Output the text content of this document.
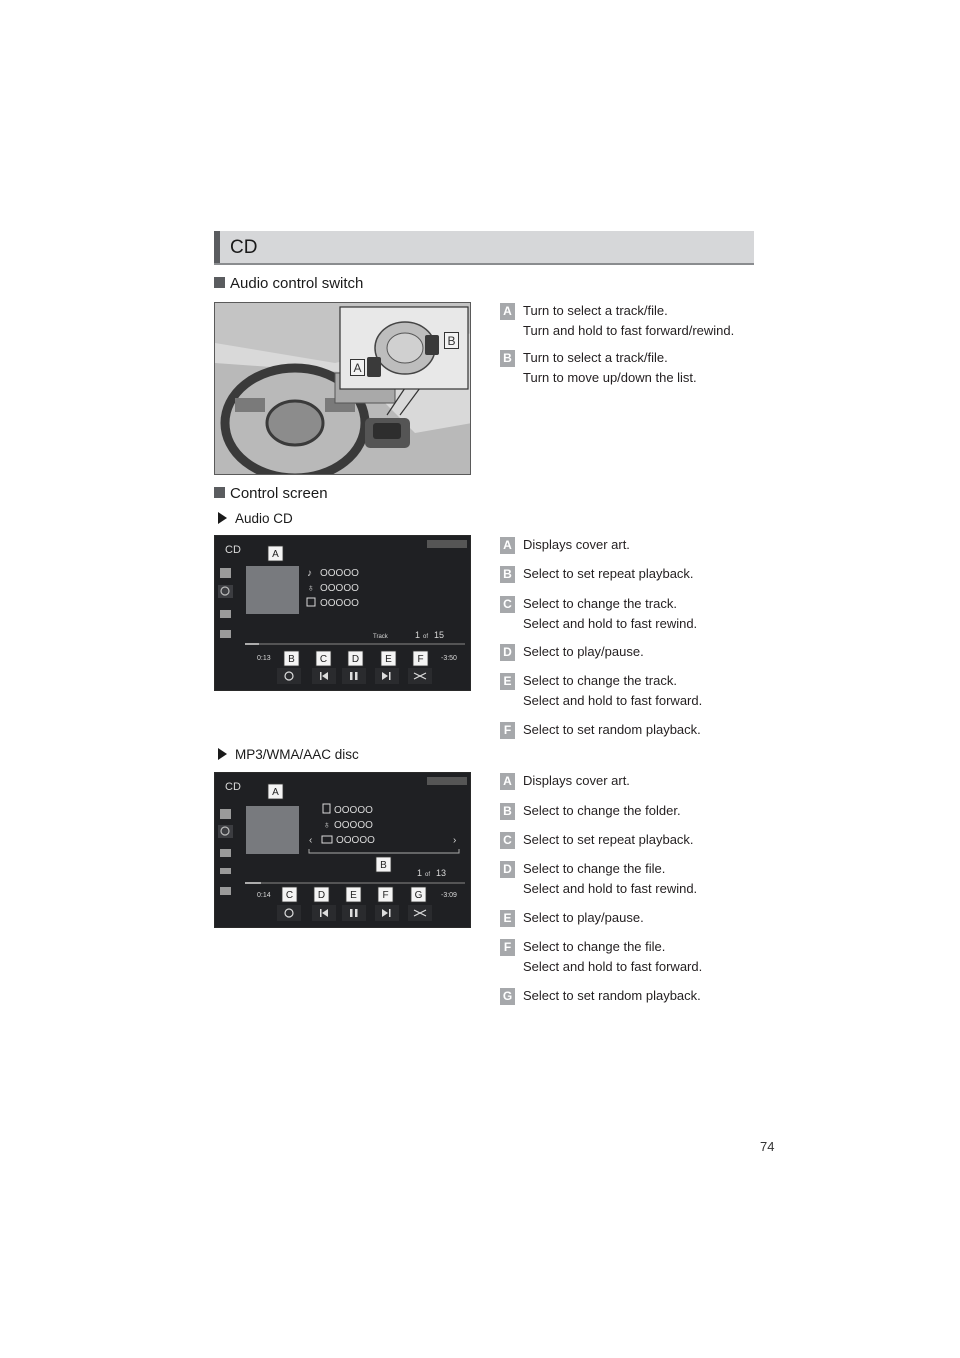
CD
Audio control switch
A
B
A Turn to select a track/file.
Turn and hold to fast forward/rewind.
B Turn to select a track/file.
Turn to move up/down the list.
Control screen
Audio CD
CD
♪ OOOOO
♁ OOOOO
OOOOO
Track	1 of 15
0:13	-3:50
A
B	C D	E	F
A Displays cover art.
B Select to set repeat playback.
C Select to change the track.
Select and hold to fast rewind.
D Select to play/pause.
E Select to change the track.
Select and hold to fast forward.
F Select to set random playback.
MP3/WMA/AAC disc
CD
OOOOO
♁ OOOOO
OOOOO
‹	›
1 of 13
0:14	-3:09
A
B
C D	E	F	G
A Displays cover art.
B Select to change the folder.
C Select to set repeat playback.
D Select to change the file.
Select and hold to fast rewind.
E Select to play/pause.
F Select to change the file.
Select and hold to fast forward.
G Select to set random playback.
74
